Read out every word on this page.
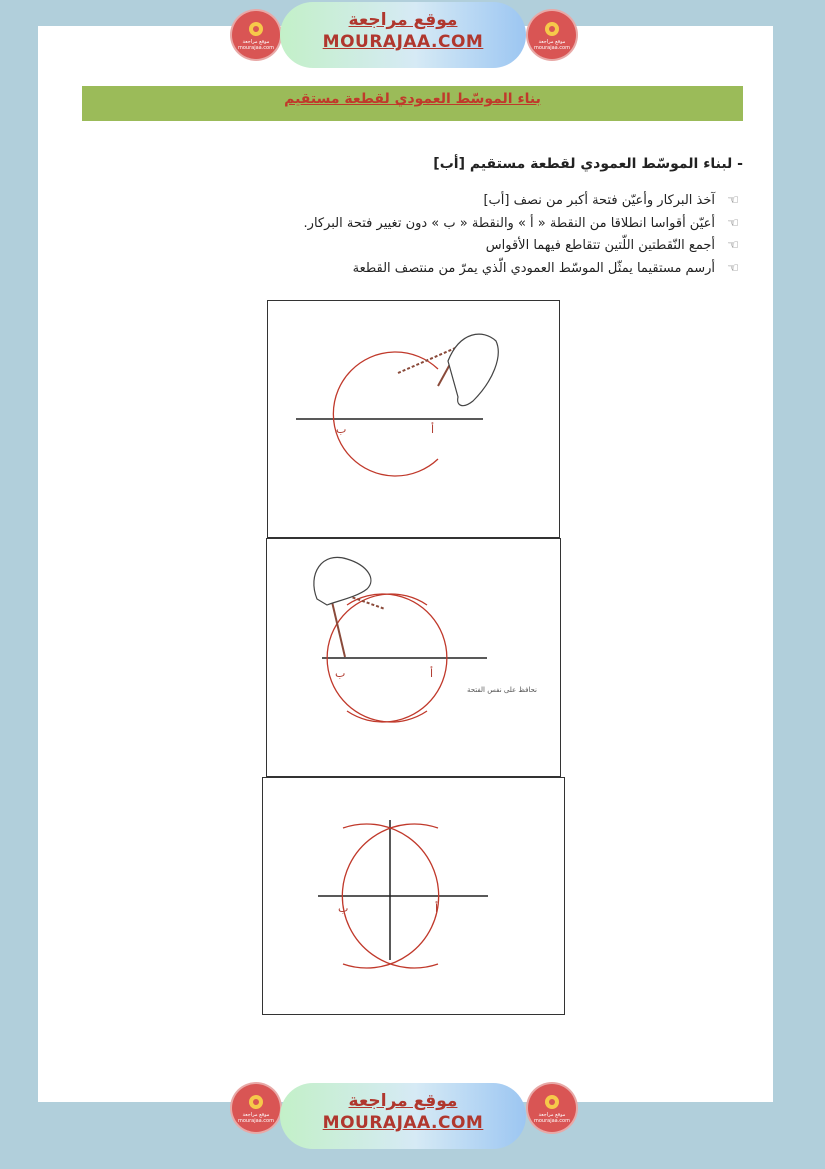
موقع مراجعة mourajaa.com
موقع مراجعة
MOURAJAA.COM	موقع مراجعة mourajaa.com
بناء الموسّط العمودي لقطعة مستقيم
- لبناء الموسّط العمودي لقطعة مستقيم [أب]
☜
آخذ البركار وأعيّن فتحة أكبر من نصف [أب]
☜
أعيّن أقواسا انطلاقا من النقطة « أ » والنقطة « ب » دون تغيير فتحة البركار.
☜
أجمع النّقطتين اللّتين تتقاطع فيهما الأقواس
☜
أرسم مستقيما يمثّل الموسّط العمودي الّذي يمرّ من منتصف القطعة
ب	أ
ب	أ
نحافظ على نفس الفتحة
ب	أ
موقع مراجعة mourajaa.com
موقع مراجعة
MOURAJAA.COM	موقع مراجعة mourajaa.com
